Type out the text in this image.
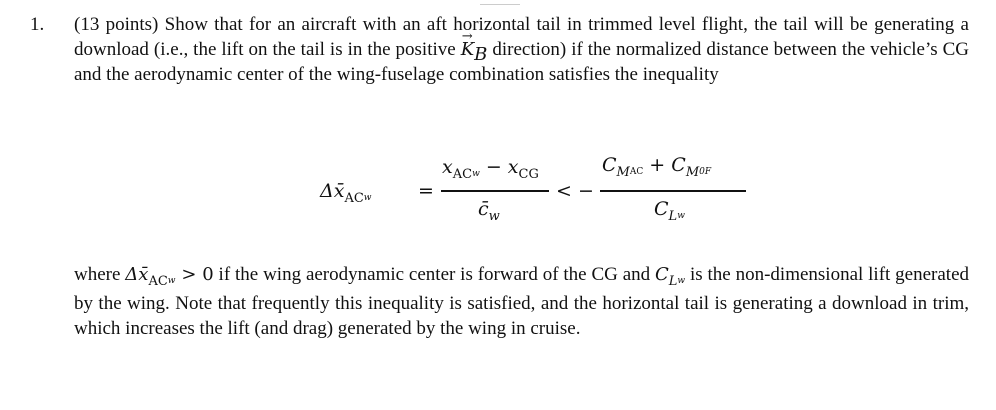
1.	(13 points) Show that for an aircraft with an aft horizontal tail in trimmed level flight, the tail will be generating a download (i.e., the lift on the tail is in the positive → KB direction) if the normalized distance between the vehicle’s CG and the aerodynamic center of the wing-fuselage combination satisfies the inequality

$\Delta x̄_{AC}w$ =
$x_{AC}w - x_{CG}$
$c̄_w$
< −
$C_MAC + C_M0F$
$C_Lw$

where $\Delta x̄_{AC}w > 0$ if the wing aerodynamic center is forward of the CG and $C_Lw$ is the non-dimensional lift generated by the wing. Note that frequently this inequality is satisfied, and the horizontal tail is generating a download in trim, which increases the lift (and drag) generated by the wing in cruise.
